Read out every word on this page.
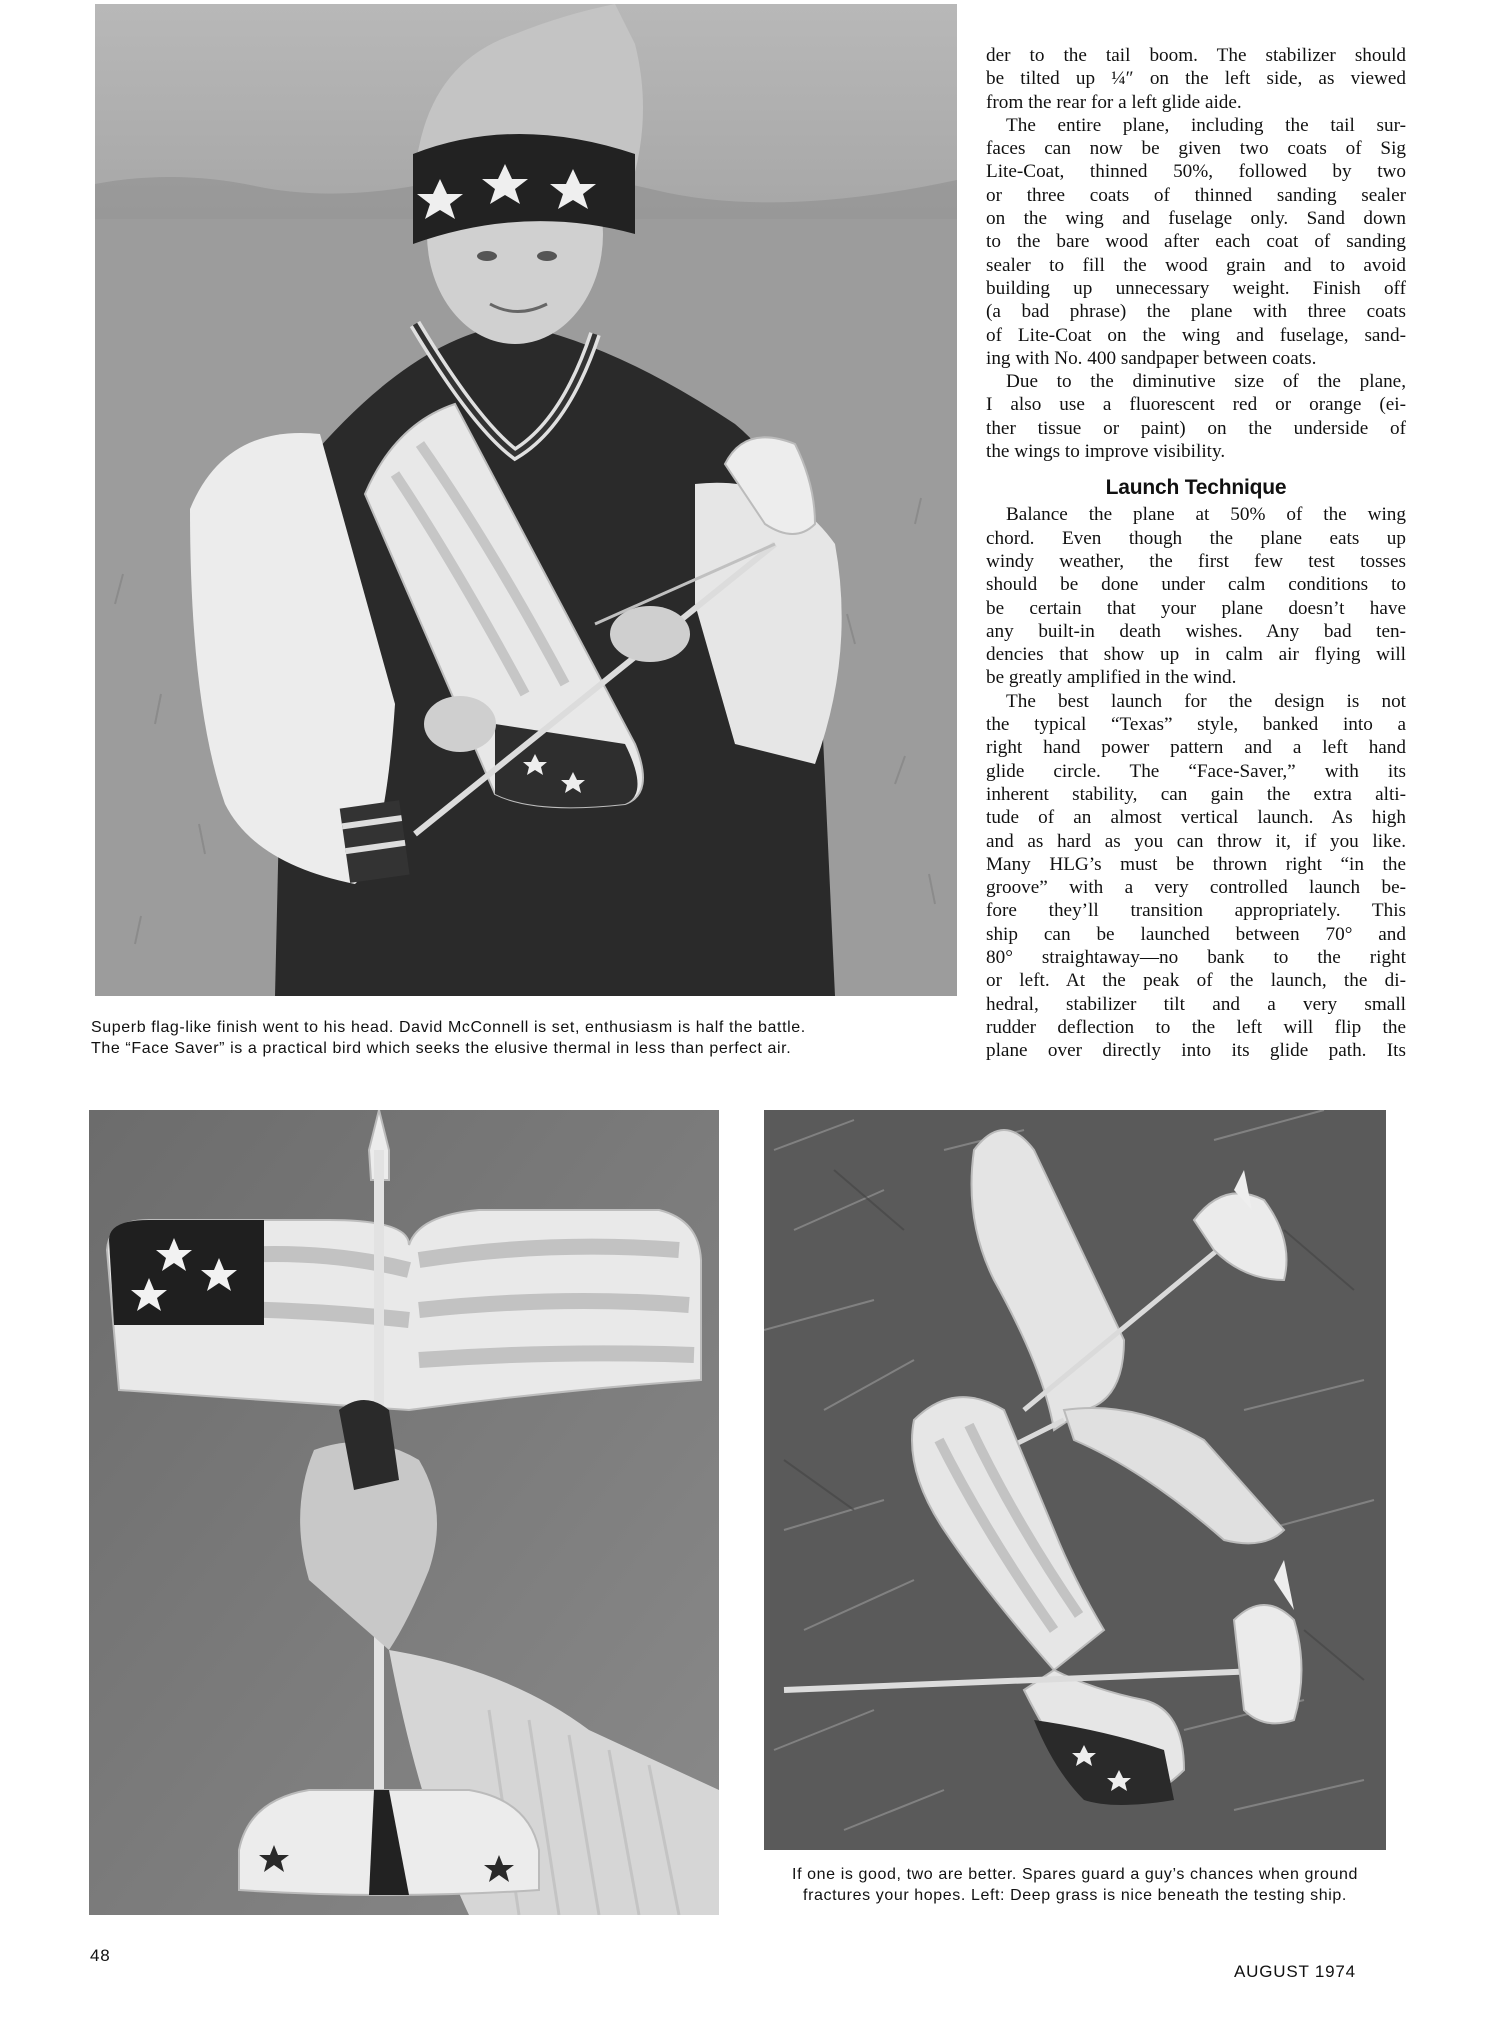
Superb flag-like finish went to his head. David McConnell is set, enthusiasm is half the battle.
The “Face Saver” is a practical bird which seeks the elusive thermal in less than perfect air.

der to the tail boom. The stabilizer should
be tilted up ¼″ on the left side, as viewed
from the rear for a left glide aide.

The entire plane, including the tail sur-
faces can now be given two coats of Sig
Lite-Coat, thinned 50%, followed by two
or three coats of thinned sanding sealer
on the wing and fuselage only. Sand down
to the bare wood after each coat of sanding
sealer to fill the wood grain and to avoid
building up unnecessary weight. Finish off
(a bad phrase) the plane with three coats
of Lite-Coat on the wing and fuselage, sand-
ing with No. 400 sandpaper between coats.

Due to the diminutive size of the plane,
I also use a fluorescent red or orange (ei-
ther tissue or paint) on the underside of
the wings to improve visibility.

Launch Technique

Balance the plane at 50% of the wing
chord. Even though the plane eats up
windy weather, the first few test tosses
should be done under calm conditions to
be certain that your plane doesn’t have
any built-in death wishes. Any bad ten-
dencies that show up in calm air flying will
be greatly amplified in the wind.

The best launch for the design is not
the typical “Texas” style, banked into a
right hand power pattern and a left hand
glide circle. The “Face-Saver,” with its
inherent stability, can gain the extra alti-
tude of an almost vertical launch. As high
and as hard as you can throw it, if you like.
Many HLG’s must be thrown right “in the
groove” with a very controlled launch be-
fore they’ll transition appropriately. This
ship can be launched between 70° and
80° straightaway—no bank to the right
or left. At the peak of the launch, the di-
hedral, stabilizer tilt and a very small
rudder deflection to the left will flip the
plane over directly into its glide path. Its

If one is good, two are better. Spares guard a guy’s chances when ground
fractures your hopes. Left: Deep grass is nice beneath the testing ship.
48
AUGUST 1974
